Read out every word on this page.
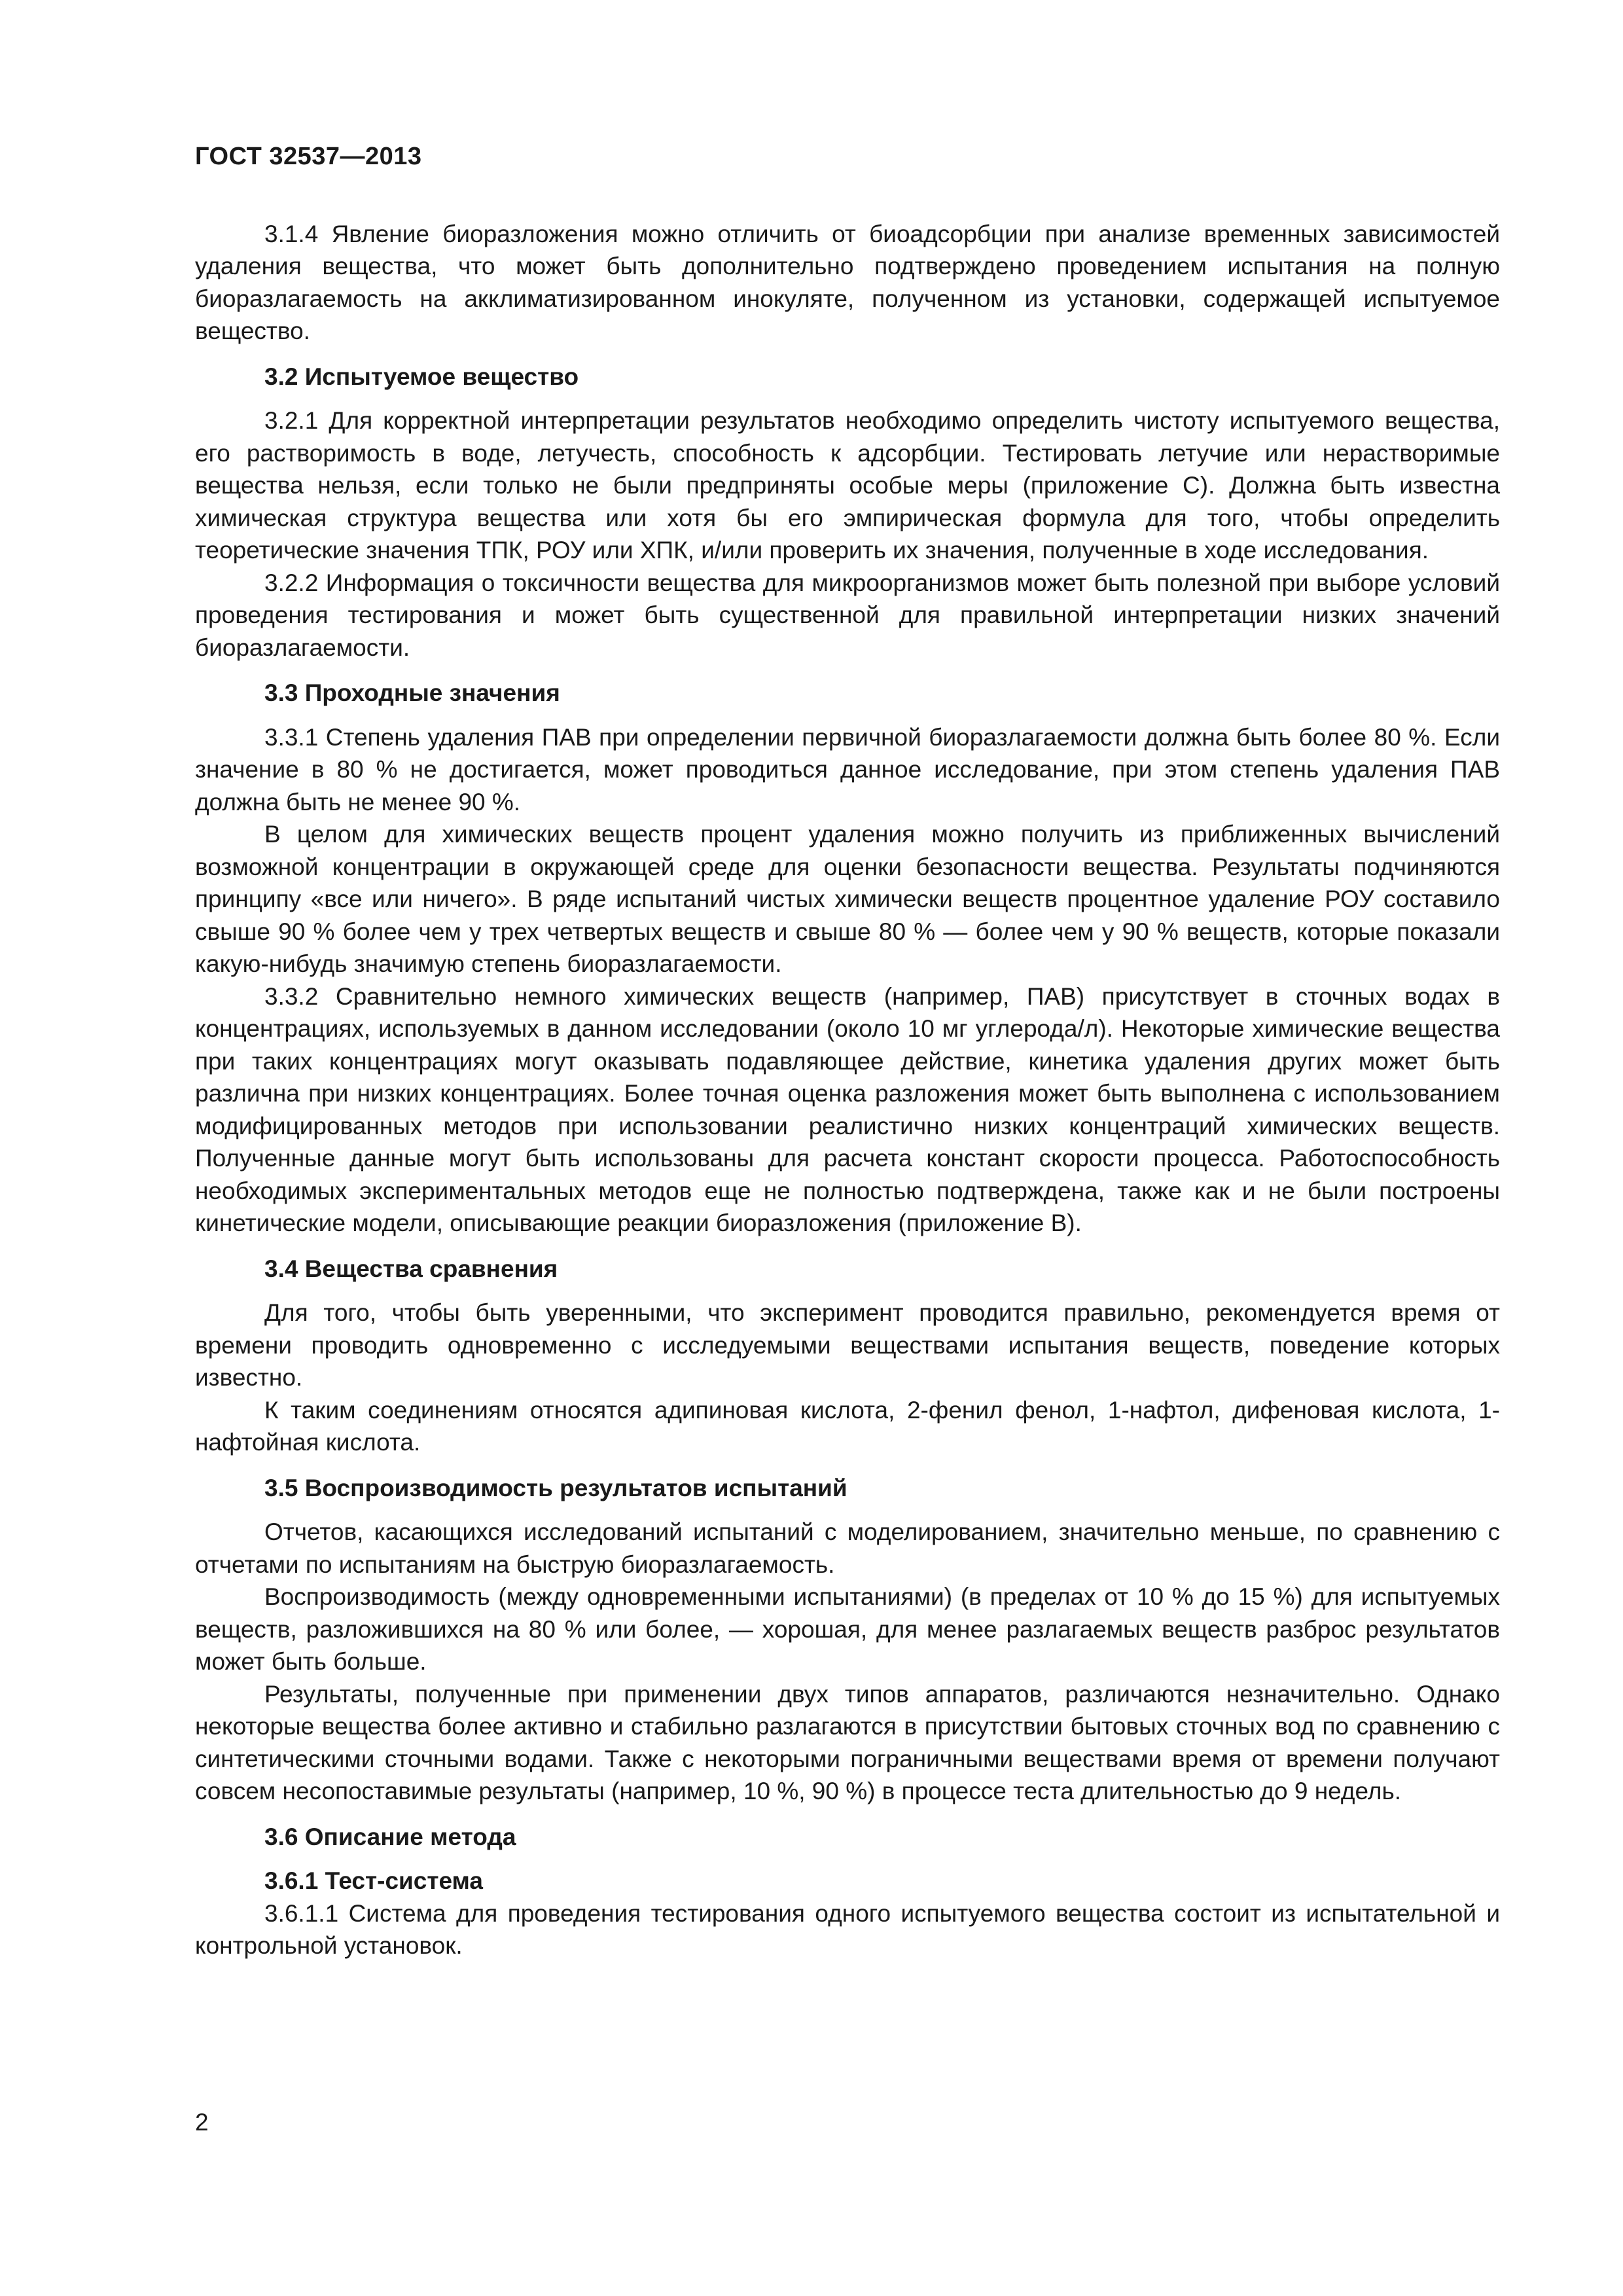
ГОСТ 32537—2013

3.1.4 Явление биоразложения можно отличить от биоадсорбции при анализе временных зависимостей удаления вещества, что может быть дополнительно подтверждено проведением испытания на полную биоразлагаемость на акклиматизированном инокуляте, полученном из установки, содержащей испытуемое вещество.

3.2 Испытуемое вещество

3.2.1 Для корректной интерпретации результатов необходимо определить чистоту испытуемого вещества, его растворимость в воде, летучесть, способность к адсорбции. Тестировать летучие или нерастворимые вещества нельзя, если только не были предприняты особые меры (приложение С). Должна быть известна химическая структура вещества или хотя бы его эмпирическая формула для того, чтобы определить теоретические значения ТПК, РОУ или ХПК, и/или проверить их значения, полученные в ходе исследования.

3.2.2 Информация о токсичности вещества для микроорганизмов может быть полезной при выборе условий проведения тестирования и может быть существенной для правильной интерпретации низких значений биоразлагаемости.

3.3 Проходные значения

3.3.1 Степень удаления ПАВ при определении первичной биоразлагаемости должна быть более 80 %. Если значение в 80 % не достигается, может проводиться данное исследование, при этом степень удаления ПАВ должна быть не менее 90 %.

В целом для химических веществ процент удаления можно получить из приближенных вычислений возможной концентрации в окружающей среде для оценки безопасности вещества. Результаты подчиняются принципу «все или ничего». В ряде испытаний чистых химически веществ процентное удаление РОУ составило свыше 90 % более чем у трех четвертых веществ и свыше 80 % — более чем у 90 % веществ, которые показали какую-нибудь значимую степень биоразлагаемости.

3.3.2 Сравнительно немного химических веществ (например, ПАВ) присутствует в сточных водах в концентрациях, используемых в данном исследовании (около 10 мг углерода/л). Некоторые химические вещества при таких концентрациях могут оказывать подавляющее действие, кинетика удаления других может быть различна при низких концентрациях. Более точная оценка разложения может быть выполнена с использованием модифицированных методов при использовании реалистично низких концентраций химических веществ. Полученные данные могут быть использованы для расчета констант скорости процесса. Работоспособность необходимых экспериментальных методов еще не полностью подтверждена, также как и не были построены кинетические модели, описывающие реакции биоразложения (приложение В).

3.4 Вещества сравнения

Для того, чтобы быть уверенными, что эксперимент проводится правильно, рекомендуется время от времени проводить одновременно с исследуемыми веществами испытания веществ, поведение которых известно.

К таким соединениям относятся адипиновая кислота, 2-фенил фенол, 1-нафтол, дифеновая кислота, 1-нафтойная кислота.

3.5 Воспроизводимость результатов испытаний

Отчетов, касающихся исследований испытаний с моделированием, значительно меньше, по сравнению с отчетами по испытаниям на быструю биоразлагаемость.

Воспроизводимость (между одновременными испытаниями) (в пределах от 10 % до 15 %) для испытуемых веществ, разложившихся на 80 % или более, — хорошая, для менее разлагаемых веществ разброс результатов может быть больше.

Результаты, полученные при применении двух типов аппаратов, различаются незначительно. Однако некоторые вещества более активно и стабильно разлагаются в присутствии бытовых сточных вод по сравнению с синтетическими сточными водами. Также с некоторыми пограничными веществами время от времени получают совсем несопоставимые результаты (например, 10 %, 90 %) в процессе теста длительностью до 9 недель.

3.6 Описание метода
3.6.1 Тест-система

3.6.1.1 Система для проведения тестирования одного испытуемого вещества состоит из испытательной и контрольной установок.

2
